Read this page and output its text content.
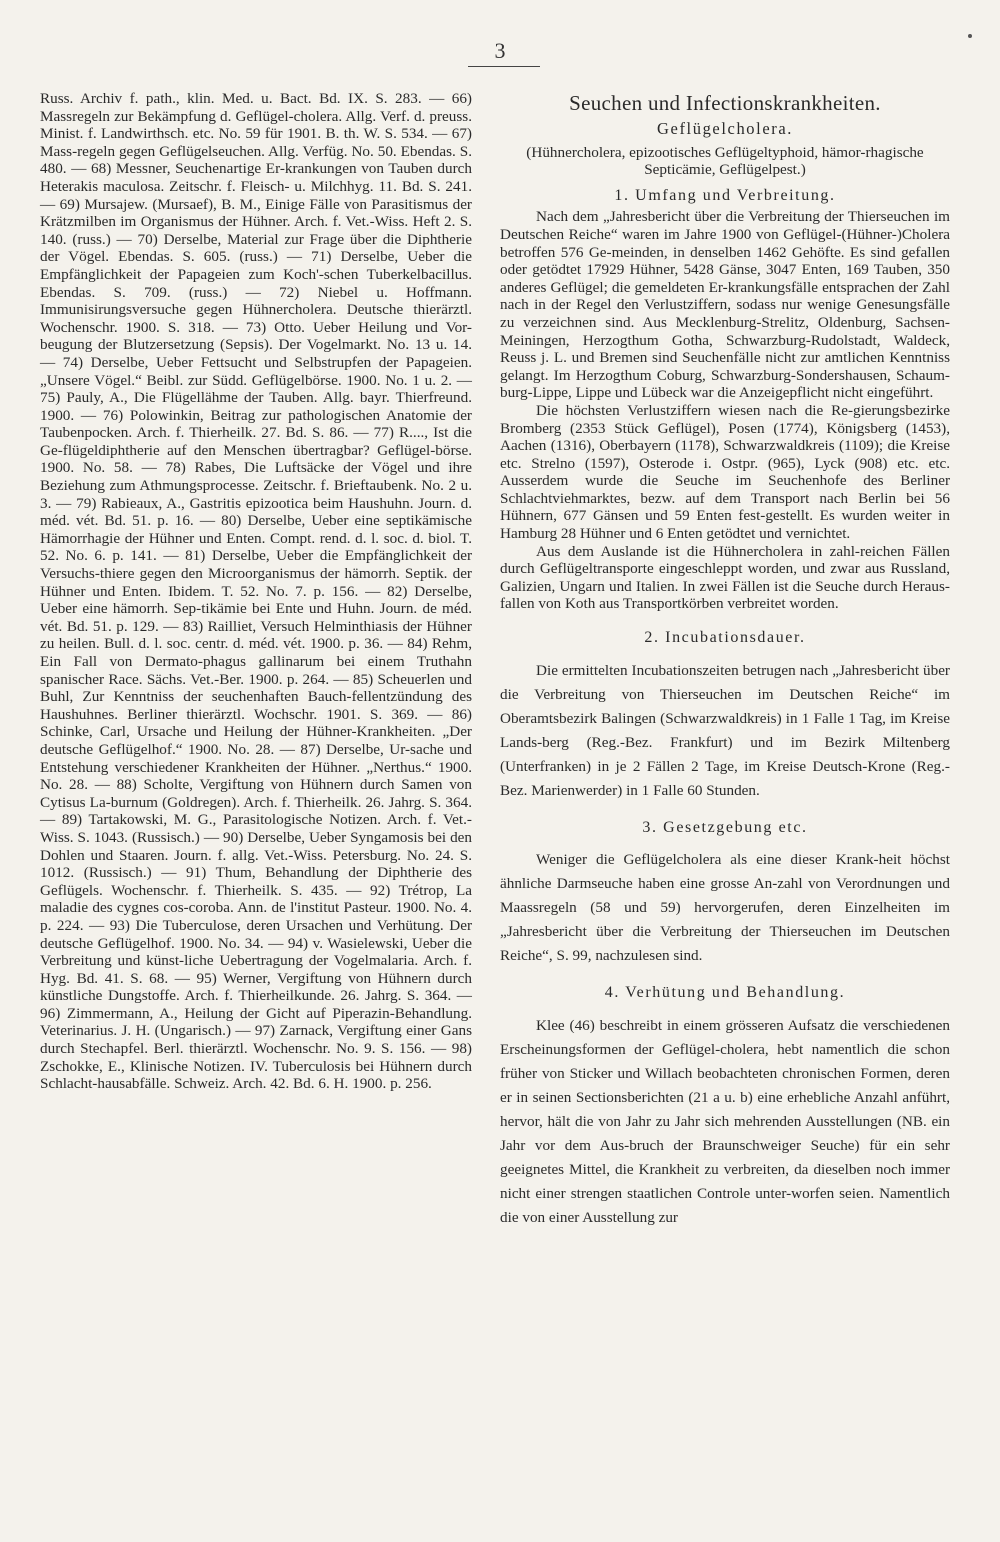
3

Russ. Archiv f. path., klin. Med. u. Bact. Bd. IX. S. 283. — 66) Massregeln zur Bekämpfung d. Geflügel-cholera. Allg. Verf. d. preuss. Minist. f. Landwirthsch. etc. No. 59 für 1901. B. th. W. S. 534. — 67) Mass-regeln gegen Geflügelseuchen. Allg. Verfüg. No. 50. Ebendas. S. 480. — 68) Messner, Seuchenartige Er-krankungen von Tauben durch Heterakis maculosa. Zeitschr. f. Fleisch- u. Milchhyg. 11. Bd. S. 241. — 69) Mursajew. (Mursaef), B. M., Einige Fälle von Parasitismus der Krätzmilben im Organismus der Hühner. Arch. f. Vet.-Wiss. Heft 2. S. 140. (russ.) — 70) Derselbe, Material zur Frage über die Diphtherie der Vögel. Ebendas. S. 605. (russ.) — 71) Derselbe, Ueber die Empfänglichkeit der Papageien zum Koch'-schen Tuberkelbacillus. Ebendas. S. 709. (russ.) — 72) Niebel u. Hoffmann. Immunisirungsversuche gegen Hühnercholera. Deutsche thierärztl. Wochenschr. 1900. S. 318. — 73) Otto. Ueber Heilung und Vor-beugung der Blutzersetzung (Sepsis). Der Vogelmarkt. No. 13 u. 14. — 74) Derselbe, Ueber Fettsucht und Selbstrupfen der Papageien. „Unsere Vögel.“ Beibl. zur Südd. Geflügelbörse. 1900. No. 1 u. 2. — 75) Pauly, A., Die Flügellähme der Tauben. Allg. bayr. Thierfreund. 1900. — 76) Polowinkin, Beitrag zur pathologischen Anatomie der Taubenpocken. Arch. f. Thierheilk. 27. Bd. S. 86. — 77) R...., Ist die Ge-flügeldiphtherie auf den Menschen übertragbar? Geflügel-börse. 1900. No. 58. — 78) Rabes, Die Luftsäcke der Vögel und ihre Beziehung zum Athmungsprocesse. Zeitschr. f. Brieftaubenk. No. 2 u. 3. — 79) Rabieaux, A., Gastritis epizootica beim Haushuhn. Journ. d. méd. vét. Bd. 51. p. 16. — 80) Derselbe, Ueber eine septikämische Hämorrhagie der Hühner und Enten. Compt. rend. d. l. soc. d. biol. T. 52. No. 6. p. 141. — 81) Derselbe, Ueber die Empfänglichkeit der Versuchs-thiere gegen den Microorganismus der hämorrh. Septik. der Hühner und Enten. Ibidem. T. 52. No. 7. p. 156. — 82) Derselbe, Ueber eine hämorrh. Sep-tikämie bei Ente und Huhn. Journ. de méd. vét. Bd. 51. p. 129. — 83) Railliet, Versuch Helminthiasis der Hühner zu heilen. Bull. d. l. soc. centr. d. méd. vét. 1900. p. 36. — 84) Rehm, Ein Fall von Dermato-phagus gallinarum bei einem Truthahn spanischer Race. Sächs. Vet.-Ber. 1900. p. 264. — 85) Scheuerlen und Buhl, Zur Kenntniss der seuchenhaften Bauch-fellentzündung des Haushuhnes. Berliner thierärztl. Wochschr. 1901. S. 369. — 86) Schinke, Carl, Ursache und Heilung der Hühner-Krankheiten. „Der deutsche Geflügelhof.“ 1900. No. 28. — 87) Derselbe, Ur-sache und Entstehung verschiedener Krankheiten der Hühner. „Nerthus.“ 1900. No. 28. — 88) Scholte, Vergiftung von Hühnern durch Samen von Cytisus La-burnum (Goldregen). Arch. f. Thierheilk. 26. Jahrg. S. 364. — 89) Tartakowski, M. G., Parasitologische Notizen. Arch. f. Vet.-Wiss. S. 1043. (Russisch.) — 90) Derselbe, Ueber Syngamosis bei den Dohlen und Staaren. Journ. f. allg. Vet.-Wiss. Petersburg. No. 24. S. 1012. (Russisch.) — 91) Thum, Behandlung der Diphtherie des Geflügels. Wochenschr. f. Thierheilk. S. 435. — 92) Trétrop, La maladie des cygnes cos-coroba. Ann. de l'institut Pasteur. 1900. No. 4. p. 224. — 93) Die Tuberculose, deren Ursachen und Verhütung. Der deutsche Geflügelhof. 1900. No. 34. — 94) v. Wasielewski, Ueber die Verbreitung und künst-liche Uebertragung der Vogelmalaria. Arch. f. Hyg. Bd. 41. S. 68. — 95) Werner, Vergiftung von Hühnern durch künstliche Dungstoffe. Arch. f. Thierheilkunde. 26. Jahrg. S. 364. — 96) Zimmermann, A., Heilung der Gicht auf Piperazin-Behandlung. Veterinarius. J. H. (Ungarisch.) — 97) Zarnack, Vergiftung einer Gans durch Stechapfel. Berl. thierärztl. Wochenschr. No. 9. S. 156. — 98) Zschokke, E., Klinische Notizen. IV. Tuberculosis bei Hühnern durch Schlacht-hausabfälle. Schweiz. Arch. 42. Bd. 6. H. 1900. p. 256.

Seuchen und Infectionskrankheiten.
Geflügelcholera.
(Hühnercholera, epizootisches Geflügeltyphoid, hämor-rhagische Septicämie, Geflügelpest.)
1. Umfang und Verbreitung.

Nach dem „Jahresbericht über die Verbreitung der Thierseuchen im Deutschen Reiche“ waren im Jahre 1900 von Geflügel-(Hühner-)Cholera betroffen 576 Ge-meinden, in denselben 1462 Gehöfte. Es sind gefallen oder getödtet 17929 Hühner, 5428 Gänse, 3047 Enten, 169 Tauben, 350 anderes Geflügel; die gemeldeten Er-krankungsfälle entsprachen der Zahl nach in der Regel den Verlustziffern, sodass nur wenige Genesungsfälle zu verzeichnen sind. Aus Mecklenburg-Strelitz, Oldenburg, Sachsen-Meiningen, Herzogthum Gotha, Schwarzburg-Rudolstadt, Waldeck, Reuss j. L. und Bremen sind Seuchenfälle nicht zur amtlichen Kenntniss gelangt. Im Herzogthum Coburg, Schwarzburg-Sondershausen, Schaum-burg-Lippe, Lippe und Lübeck war die Anzeigepflicht nicht eingeführt.

Die höchsten Verlustziffern wiesen nach die Re-gierungsbezirke Bromberg (2353 Stück Geflügel), Posen (1774), Königsberg (1453), Aachen (1316), Oberbayern (1178), Schwarzwaldkreis (1109); die Kreise etc. Strelno (1597), Osterode i. Ostpr. (965), Lyck (908) etc. etc. Ausserdem wurde die Seuche im Seuchenhofe des Berliner Schlachtviehmarktes, bezw. auf dem Transport nach Berlin bei 56 Hühnern, 677 Gänsen und 59 Enten fest-gestellt. Es wurden weiter in Hamburg 28 Hühner und 6 Enten getödtet und vernichtet.

Aus dem Auslande ist die Hühnercholera in zahl-reichen Fällen durch Geflügeltransporte eingeschleppt worden, und zwar aus Russland, Galizien, Ungarn und Italien. In zwei Fällen ist die Seuche durch Heraus-fallen von Koth aus Transportkörben verbreitet worden.

2. Incubationsdauer.

Die ermittelten Incubationszeiten betrugen nach „Jahresbericht über die Verbreitung von Thierseuchen im Deutschen Reiche“ im Oberamtsbezirk Balingen (Schwarzwaldkreis) in 1 Falle 1 Tag, im Kreise Lands-berg (Reg.-Bez. Frankfurt) und im Bezirk Miltenberg (Unterfranken) in je 2 Fällen 2 Tage, im Kreise Deutsch-Krone (Reg.-Bez. Marienwerder) in 1 Falle 60 Stunden.

3. Gesetzgebung etc.

Weniger die Geflügelcholera als eine dieser Krank-heit höchst ähnliche Darmseuche haben eine grosse An-zahl von Verordnungen und Maassregeln (58 und 59) hervorgerufen, deren Einzelheiten im „Jahresbericht über die Verbreitung der Thierseuchen im Deutschen Reiche“, S. 99, nachzulesen sind.

4. Verhütung und Behandlung.

Klee (46) beschreibt in einem grösseren Aufsatz die verschiedenen Erscheinungsformen der Geflügel-cholera, hebt namentlich die schon früher von Sticker und Willach beobachteten chronischen Formen, deren er in seinen Sectionsberichten (21 a u. b) eine erhebliche Anzahl anführt, hervor, hält die von Jahr zu Jahr sich mehrenden Ausstellungen (NB. ein Jahr vor dem Aus-bruch der Braunschweiger Seuche) für ein sehr geeignetes Mittel, die Krankheit zu verbreiten, da dieselben noch immer nicht einer strengen staatlichen Controle unter-worfen seien. Namentlich die von einer Ausstellung zur
